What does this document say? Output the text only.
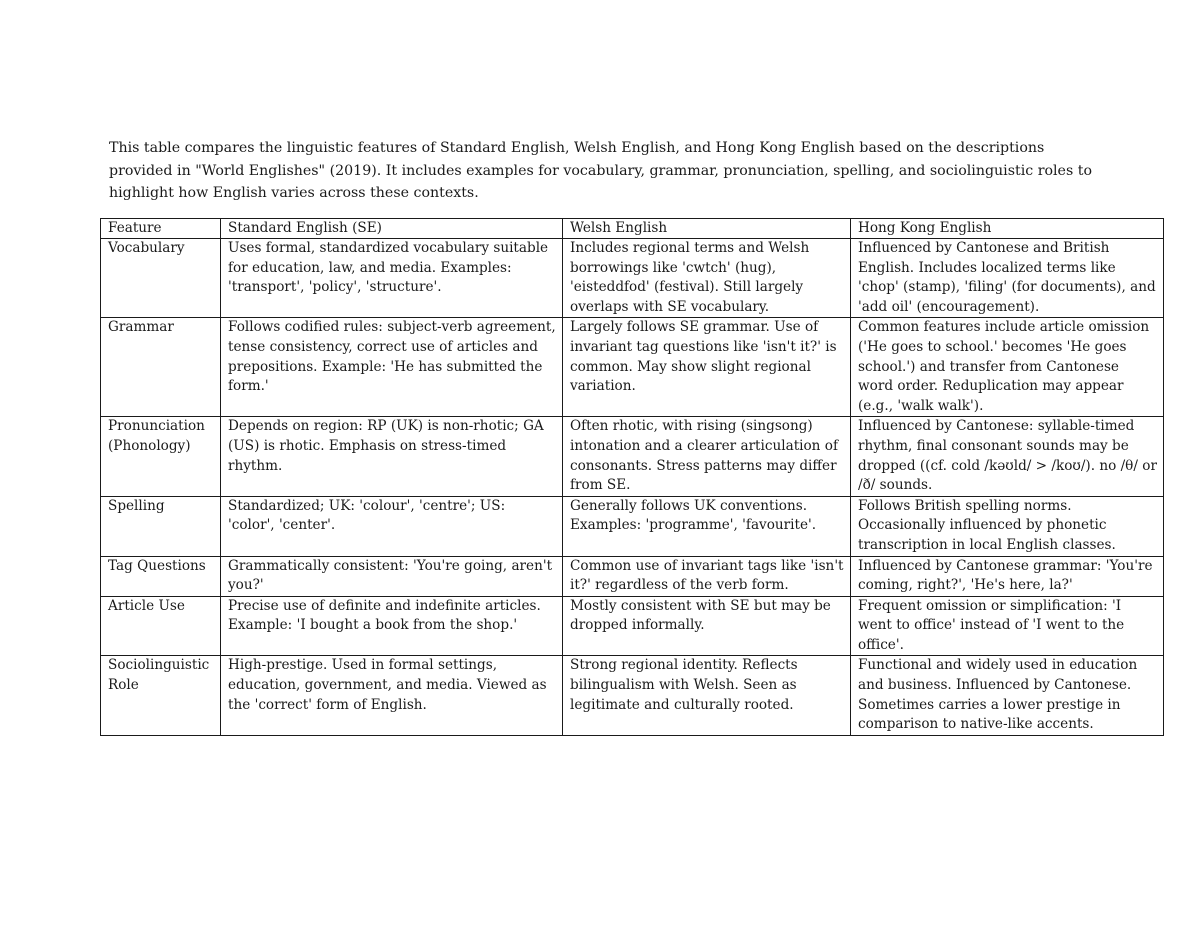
This table compares the linguistic features of Standard English, Welsh English, and Hong Kong English based on the descriptions provided in "World Englishes" (2019). It includes examples for vocabulary, grammar, pronunciation, spelling, and sociolinguistic roles to highlight how English varies across these contexts.

Feature	Standard English (SE)	Welsh English	Hong Kong English
Vocabulary	Uses formal, standardized vocabulary suitable for education, law, and media. Examples: 'transport', 'policy', 'structure'.	Includes regional terms and Welsh borrowings like 'cwtch' (hug), 'eisteddfod' (festival). Still largely overlaps with SE vocabulary.	Influenced by Cantonese and British English. Includes localized terms like 'chop' (stamp), 'filing' (for documents), and 'add oil' (encouragement).
Grammar	Follows codified rules: subject-verb agreement, tense consistency, correct use of articles and prepositions. Example: 'He has submitted the form.'	Largely follows SE grammar. Use of invariant tag questions like 'isn't it?' is common. May show slight regional variation.	Common features include article omission ('He goes to school.' becomes 'He goes school.') and transfer from Cantonese word order. Reduplication may appear (e.g., 'walk walk').
Pronunciation (Phonology)	Depends on region: RP (UK) is non-rhotic; GA (US) is rhotic. Emphasis on stress-timed rhythm.	Often rhotic, with rising (singsong) intonation and a clearer articulation of consonants. Stress patterns may differ from SE.	Influenced by Cantonese: syllable-timed rhythm, final consonant sounds may be dropped ((cf. cold /kəʊld/ > /koʊ/). no /θ/ or /ð/ sounds.
Spelling	Standardized; UK: 'colour', 'centre'; US: 'color', 'center'.	Generally follows UK conventions. Examples: 'programme', 'favourite'.	Follows British spelling norms. Occasionally influenced by phonetic transcription in local English classes.
Tag Questions	Grammatically consistent: 'You're going, aren't you?'	Common use of invariant tags like 'isn't it?' regardless of the verb form.	Influenced by Cantonese grammar: 'You're coming, right?', 'He's here, la?'
Article Use	Precise use of definite and indefinite articles. Example: 'I bought a book from the shop.'	Mostly consistent with SE but may be dropped informally.	Frequent omission or simplification: 'I went to office' instead of 'I went to the office'.
Sociolinguistic Role	High-prestige. Used in formal settings, education, government, and media. Viewed as the 'correct' form of English.	Strong regional identity. Reflects bilingualism with Welsh. Seen as legitimate and culturally rooted.	Functional and widely used in education and business. Influenced by Cantonese. Sometimes carries a lower prestige in comparison to native-like accents.
